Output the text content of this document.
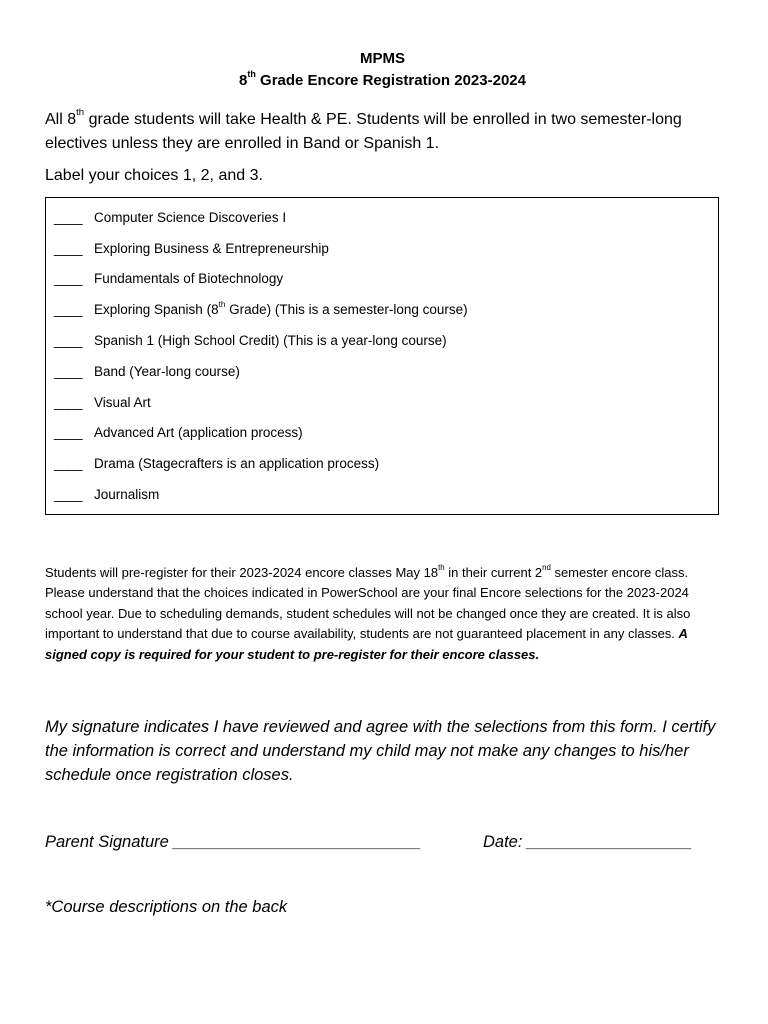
MPMS
8th Grade Encore Registration 2023-2024
All 8th grade students will take Health & PE. Students will be enrolled in two semester-long electives unless they are enrolled in Band or Spanish 1.
Label your choices 1, 2, and 3.
____ Computer Science Discoveries I
____ Exploring Business & Entrepreneurship
____ Fundamentals of Biotechnology
____ Exploring Spanish (8th Grade) (This is a semester-long course)
____ Spanish 1 (High School Credit) (This is a year-long course)
____ Band (Year-long course)
____ Visual Art
____ Advanced Art (application process)
____ Drama (Stagecrafters is an application process)
____ Journalism
Students will pre-register for their 2023-2024 encore classes May 18th in their current 2nd semester encore class. Please understand that the choices indicated in PowerSchool are your final Encore selections for the 2023-2024 school year. Due to scheduling demands, student schedules will not be changed once they are created. It is also important to understand that due to course availability, students are not guaranteed placement in any classes. A signed copy is required for your student to pre-register for their encore classes.
My signature indicates I have reviewed and agree with the selections from this form. I certify the information is correct and understand my child may not make any changes to his/her schedule once registration closes.
Parent Signature ___________________________	Date: __________________
*Course descriptions on the back
